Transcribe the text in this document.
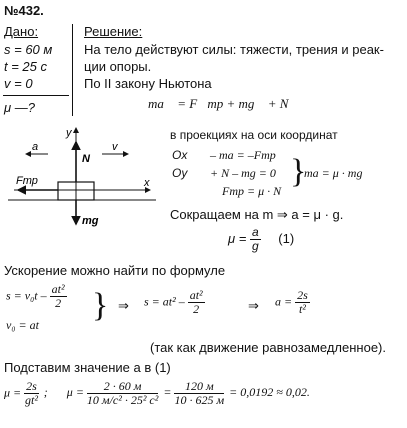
№432.
Дано:
s = 60 м
t = 25 с
v = 0
μ —?
Решение:
На тело действуют силы: тяжести, трения и реак-
ции опоры.
По II закону Ньютона
ma⃗ = F⃗тр + mg⃗ + N⃗
x
y
N
mg
Fтр
a	v
в проекциях на оси координат
Ox
Oy
– ma = –Fтр
+ N – mg = 0
Fтр = μ · N
}
ma = μ · mg
Сокращаем на m ⇒ a = μ · g.
$\mu = \frac{a}{g} (1)$
Ускорение можно найти по формуле
$s = v_0t - \frac{\text{at²}}{2}$
v₀ = at
} ⇒ $s = at^2 - \frac{\text{at²}}{2}$	⇒ $a = \frac{2s}{\text{t²}}$
(так как движение равнозамедленное).
Подставим значение a в (1)
$\mu = \frac{2s}{\text{gt²}}$ ; $\mu = \frac{2 \cdot 60 м}{\text{10 м/с² · 25² с²}} = \frac{120 м}{10 \cdot 625 м} = 0,0192 \approx 0,02$.
